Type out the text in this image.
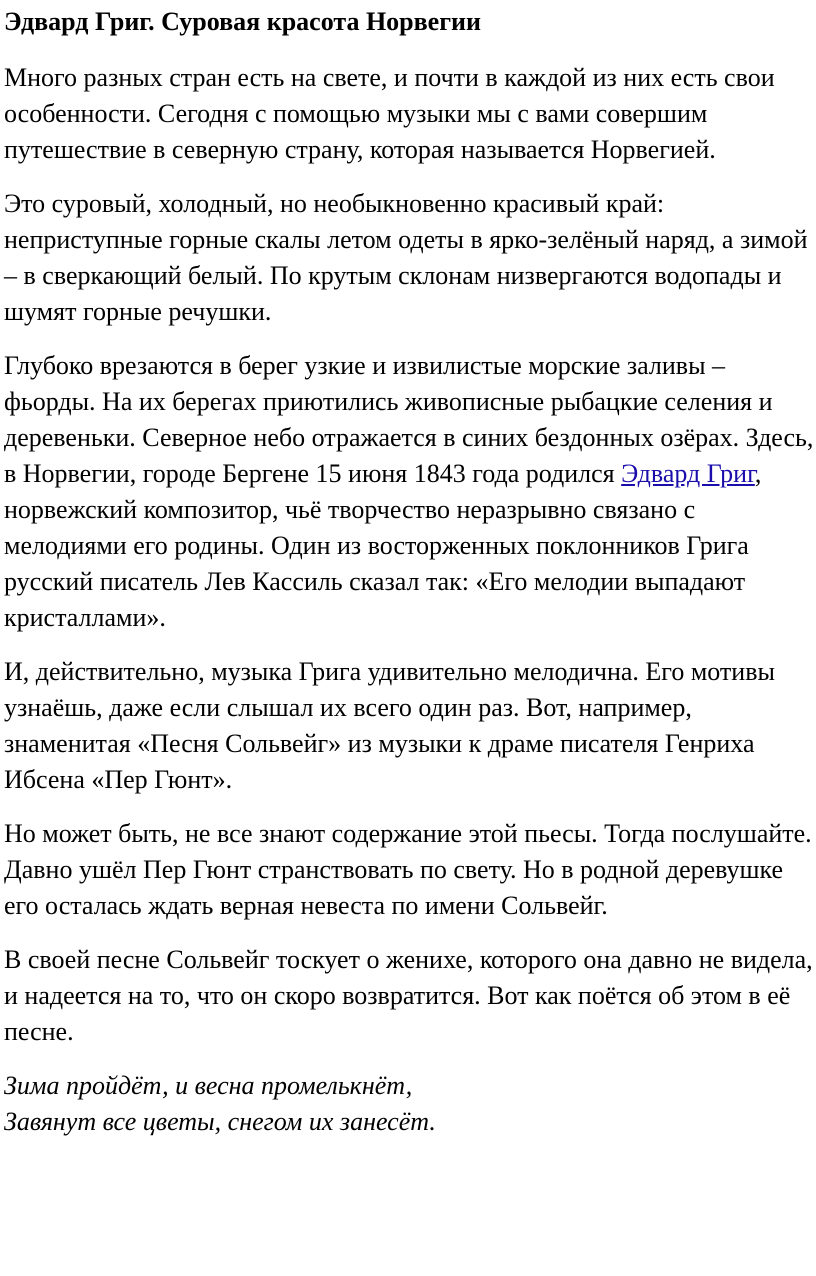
Эдвард Григ. Суровая красота Норвегии

Много разных стран есть на свете, и почти в каждой из них есть свои особенности. Сегодня с помощью музыки мы с вами совершим путешествие в северную страну, которая называется Норвегией.

Это суровый, холодный, но необыкновенно красивый край: неприступные горные скалы летом одеты в ярко-зелёный наряд, а зимой – в сверкающий белый. По крутым склонам низвергаются водопады и шумят горные речушки.

Глубоко врезаются в берег узкие и извилистые морские заливы – фьорды. На их берегах приютились живописные рыбацкие селения и деревеньки. Северное небо отражается в синих бездонных озёрах. Здесь, в Норвегии, городе Бергене 15 июня 1843 года родился Эдвард Григ, норвежский композитор, чьё творчество неразрывно связано с мелодиями его родины. Один из восторженных поклонников Грига русский писатель Лев Кассиль сказал так: «Его мелодии выпадают кристаллами».

И, действительно, музыка Грига удивительно мелодична. Его мотивы узнаёшь, даже если слышал их всего один раз. Вот, например, знаменитая «Песня Сольвейг» из музыки к драме писателя Генриха Ибсена «Пер Гюнт».

Но может быть, не все знают содержание этой пьесы. Тогда послушайте. Давно ушёл Пер Гюнт странствовать по свету. Но в родной деревушке его осталась ждать верная невеста по имени Сольвейг.

В своей песне Сольвейг тоскует о женихе, которого она давно не видела, и надеется на то, что он скоро возвратится. Вот как поётся об этом в её песне.

Зима пройдёт, и весна промелькнёт,
Завянут все цветы, снегом их занесёт.
